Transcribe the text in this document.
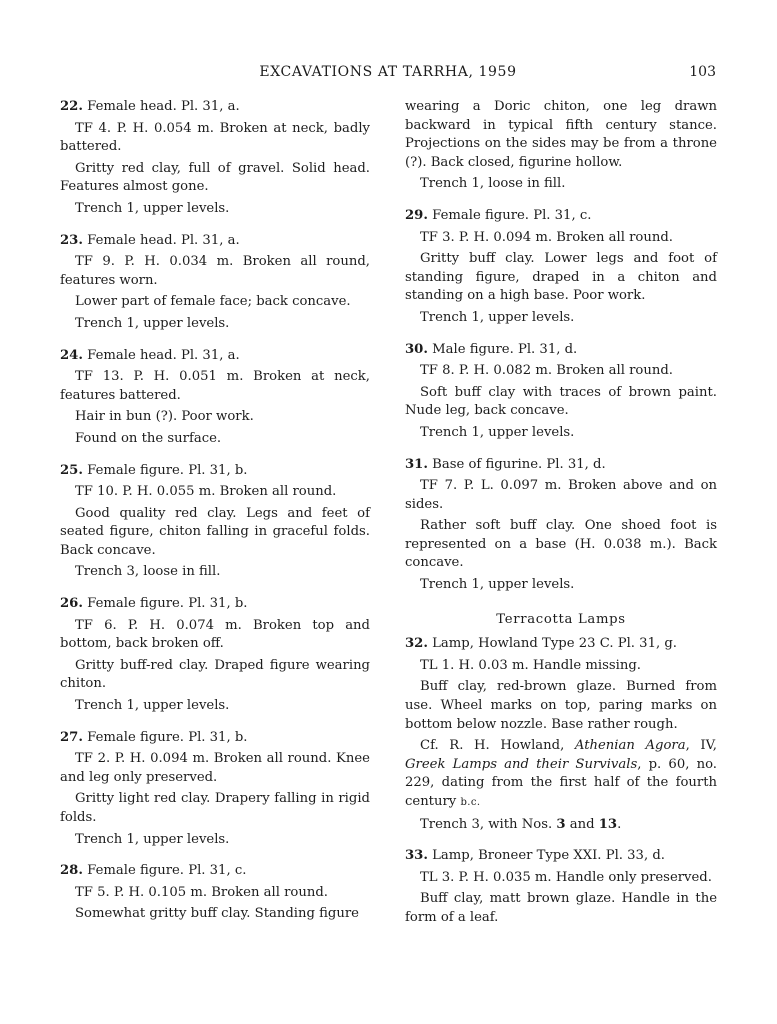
EXCAVATIONS AT TARRHA, 1959	103
22. Female head. Pl. 31, a.
TF 4. P. H. 0.054 m. Broken at neck, badly battered.
Gritty red clay, full of gravel. Solid head. Features almost gone.
Trench 1, upper levels.
23. Female head. Pl. 31, a.
TF 9. P. H. 0.034 m. Broken all round, features worn.
Lower part of female face; back concave.
Trench 1, upper levels.
24. Female head. Pl. 31, a.
TF 13. P. H. 0.051 m. Broken at neck, features battered.
Hair in bun (?). Poor work.
Found on the surface.
25. Female figure. Pl. 31, b.
TF 10. P. H. 0.055 m. Broken all round.
Good quality red clay. Legs and feet of seated figure, chiton falling in graceful folds. Back concave.
Trench 3, loose in fill.
26. Female figure. Pl. 31, b.
TF 6. P. H. 0.074 m. Broken top and bottom, back broken off.
Gritty buff-red clay. Draped figure wearing chiton.
Trench 1, upper levels.
27. Female figure. Pl. 31, b.
TF 2. P. H. 0.094 m. Broken all round. Knee and leg only preserved.
Gritty light red clay. Drapery falling in rigid folds.
Trench 1, upper levels.
28. Female figure. Pl. 31, c.
TF 5. P. H. 0.105 m. Broken all round.
Somewhat gritty buff clay. Standing figure
wearing a Doric chiton, one leg drawn backward in typical fifth century stance. Projections on the sides may be from a throne (?). Back closed, figurine hollow.
Trench 1, loose in fill.
29. Female figure. Pl. 31, c.
TF 3. P. H. 0.094 m. Broken all round.
Gritty buff clay. Lower legs and foot of standing figure, draped in a chiton and standing on a high base. Poor work.
Trench 1, upper levels.
30. Male figure. Pl. 31, d.
TF 8. P. H. 0.082 m. Broken all round.
Soft buff clay with traces of brown paint. Nude leg, back concave.
Trench 1, upper levels.
31. Base of figurine. Pl. 31, d.
TF 7. P. L. 0.097 m. Broken above and on sides.
Rather soft buff clay. One shoed foot is represented on a base (H. 0.038 m.). Back concave.
Trench 1, upper levels.
Terracotta Lamps
32. Lamp, Howland Type 23 C. Pl. 31, g.
TL 1. H. 0.03 m. Handle missing.
Buff clay, red-brown glaze. Burned from use. Wheel marks on top, paring marks on bottom below nozzle. Base rather rough.
Cf. R. H. Howland, Athenian Agora, IV, Greek Lamps and their Survivals, p. 60, no. 229, dating from the first half of the fourth century b.c.
Trench 3, with Nos. 3 and 13.
33. Lamp, Broneer Type XXI. Pl. 33, d.
TL 3. P. H. 0.035 m. Handle only preserved.
Buff clay, matt brown glaze. Handle in the form of a leaf.
